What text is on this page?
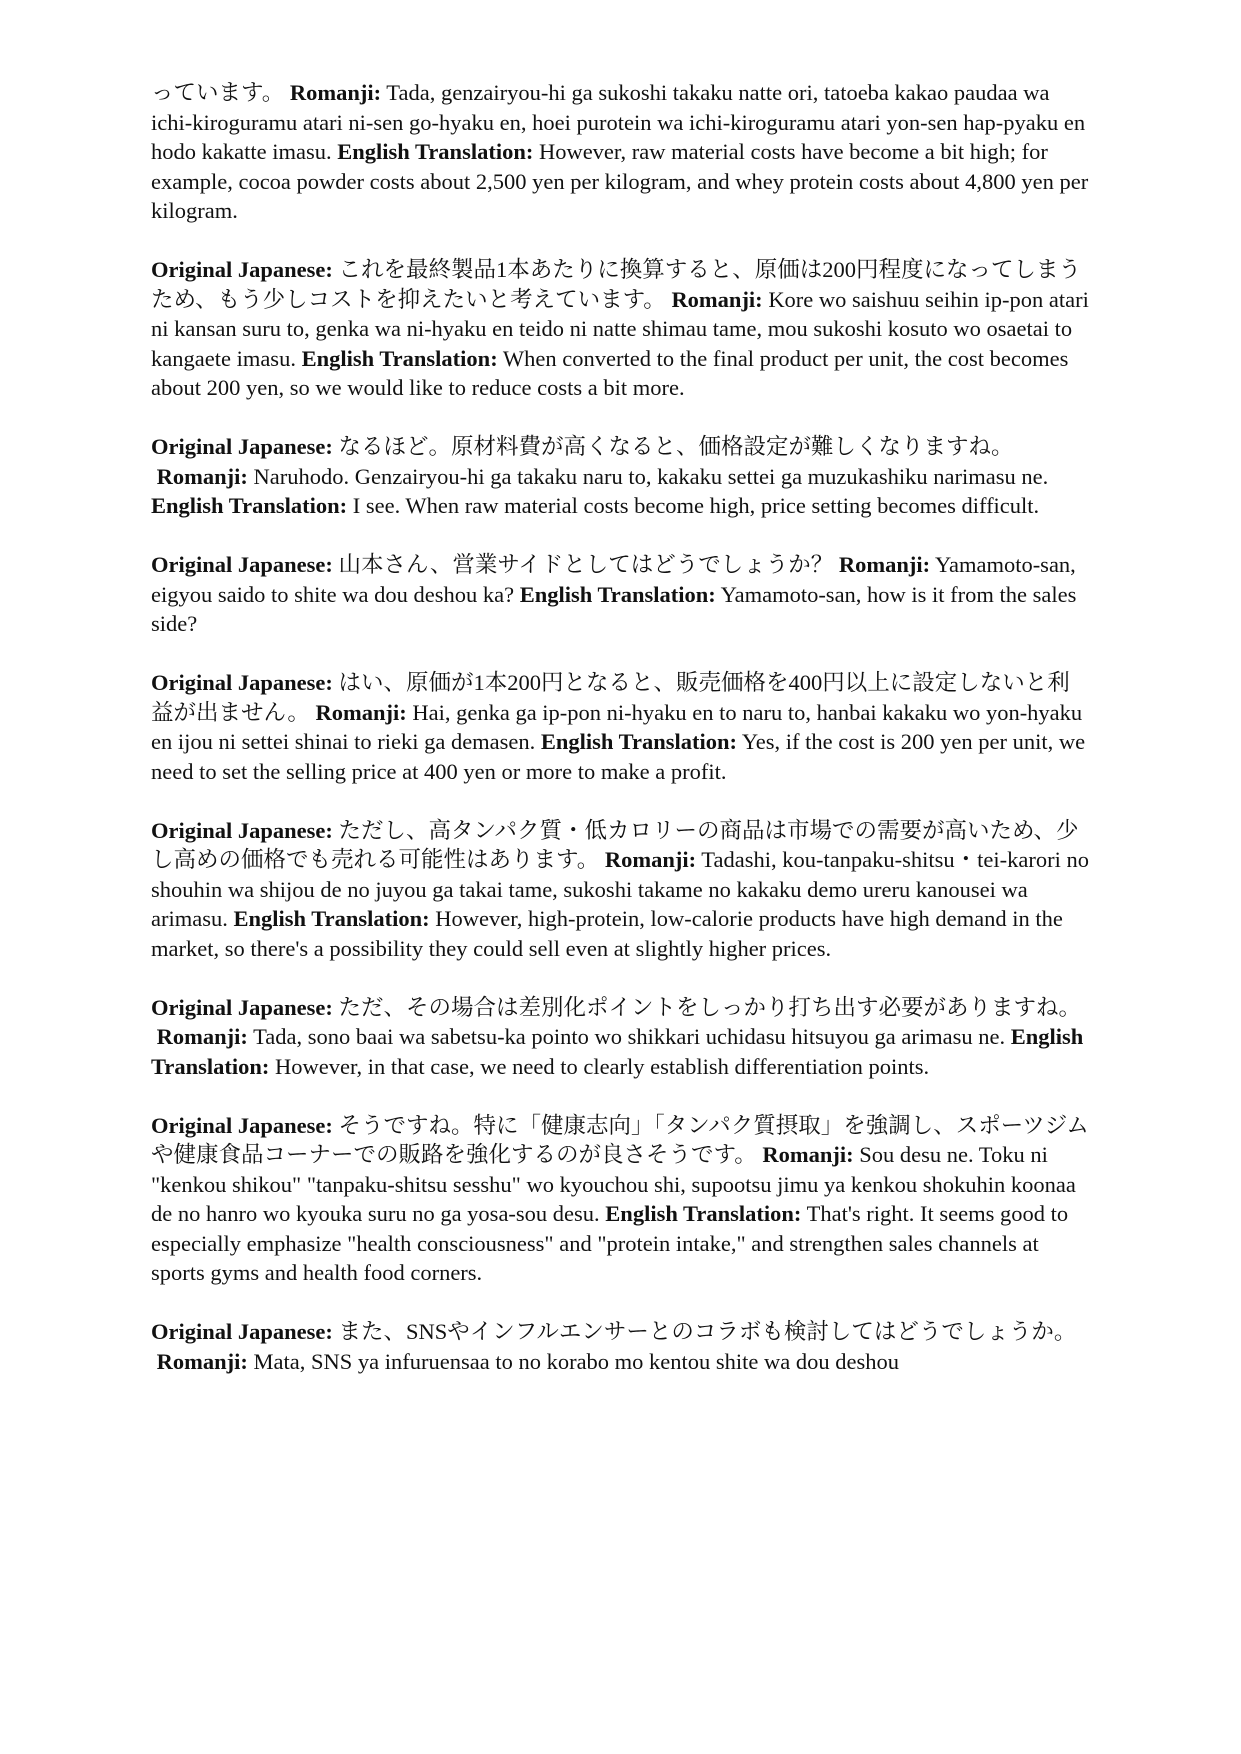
っています。 Romanji: Tada, genzairyou-hi ga sukoshi takaku natte ori, tatoeba kakao paudaa wa ichi-kiroguramu atari ni-sen go-hyaku en, hoei purotein wa ichi-kiroguramu atari yon-sen hap-pyaku en hodo kakatte imasu. English Translation: However, raw material costs have become a bit high; for example, cocoa powder costs about 2,500 yen per kilogram, and whey protein costs about 4,800 yen per kilogram.

Original Japanese: これを最終製品1本あたりに換算すると、原価は200円程度になってしまうため、もう少しコストを抑えたいと考えています。 Romanji: Kore wo saishuu seihin ip-pon atari ni kansan suru to, genka wa ni-hyaku en teido ni natte shimau tame, mou sukoshi kosuto wo osaetai to kangaete imasu. English Translation: When converted to the final product per unit, the cost becomes about 200 yen, so we would like to reduce costs a bit more.

Original Japanese: なるほど。原材料費が高くなると、価格設定が難しくなりますね。 Romanji: Naruhodo. Genzairyou-hi ga takaku naru to, kakaku settei ga muzukashiku narimasu ne. English Translation: I see. When raw material costs become high, price setting becomes difficult.

Original Japanese: 山本さん、営業サイドとしてはどうでしょうか？ Romanji: Yamamoto-san, eigyou saido to shite wa dou deshou ka? English Translation: Yamamoto-san, how is it from the sales side?

Original Japanese: はい、原価が1本200円となると、販売価格を400円以上に設定しないと利益が出ません。 Romanji: Hai, genka ga ip-pon ni-hyaku en to naru to, hanbai kakaku wo yon-hyaku en ijou ni settei shinai to rieki ga demasen. English Translation: Yes, if the cost is 200 yen per unit, we need to set the selling price at 400 yen or more to make a profit.

Original Japanese: ただし、高タンパク質・低カロリーの商品は市場での需要が高いため、少し高めの価格でも売れる可能性はあります。 Romanji: Tadashi, kou-tanpaku-shitsu・tei-karori no shouhin wa shijou de no juyou ga takai tame, sukoshi takame no kakaku demo ureru kanousei wa arimasu. English Translation: However, high-protein, low-calorie products have high demand in the market, so there's a possibility they could sell even at slightly higher prices.

Original Japanese: ただ、その場合は差別化ポイントをしっかり打ち出す必要がありますね。 Romanji: Tada, sono baai wa sabetsu-ka pointo wo shikkari uchidasu hitsuyou ga arimasu ne. English Translation: However, in that case, we need to clearly establish differentiation points.

Original Japanese: そうですね。特に「健康志向」「タンパク質摂取」を強調し、スポーツジムや健康食品コーナーでの販路を強化するのが良さそうです。 Romanji: Sou desu ne. Toku ni "kenkou shikou" "tanpaku-shitsu sesshu" wo kyouchou shi, supootsu jimu ya kenkou shokuhin koonaa de no hanro wo kyouka suru no ga yosa-sou desu. English Translation: That's right. It seems good to especially emphasize "health consciousness" and "protein intake," and strengthen sales channels at sports gyms and health food corners.

Original Japanese: また、SNSやインフルエンサーとのコラボも検討してはどうでしょうか。 Romanji: Mata, SNS ya infuruensaa to no korabo mo kentou shite wa dou deshou
